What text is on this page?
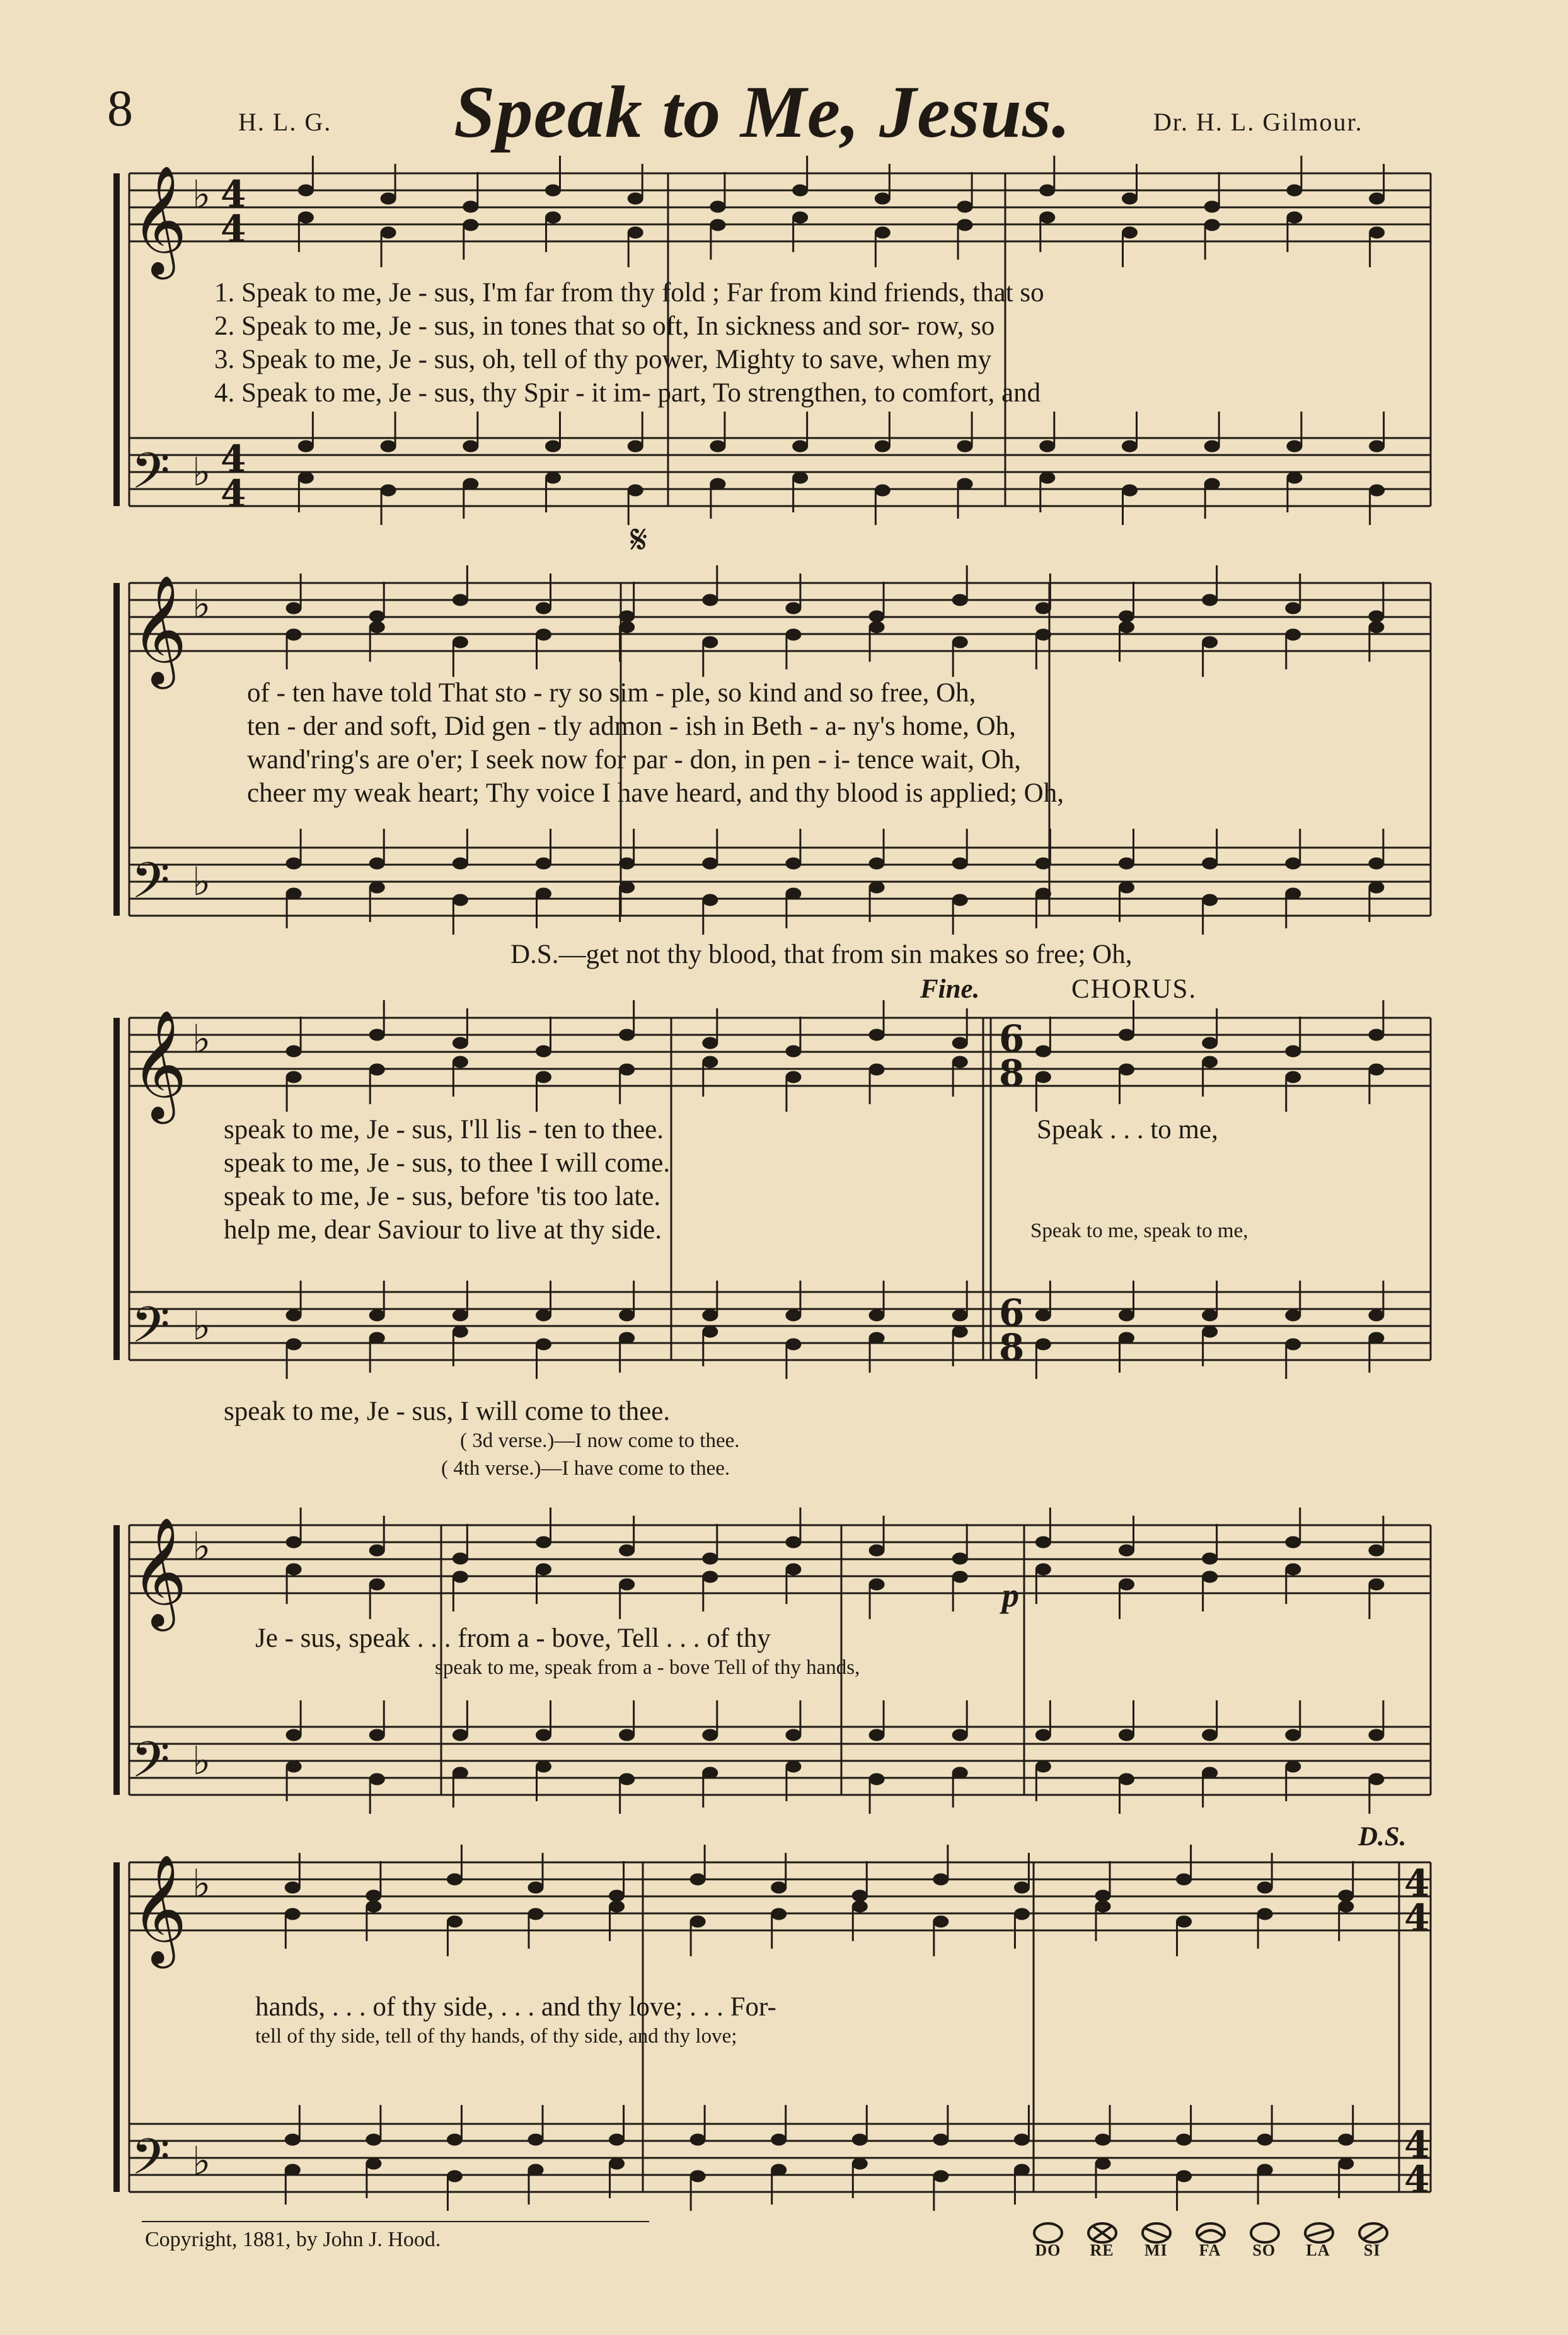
8	H. L. G. Speak to Me, Jesus.	Dr. H. L. Gilmour.
𝄞
𝄢
♭
♭
4
4
4
4
𝄞
𝄢
♭
♭
𝄞
𝄢
♭
♭
6
8
6
8
𝄞
𝄢
♭
♭
𝄞
𝄢
♭
♭
4
4
4
4
1. Speak to me, Je - sus, I'm far from thy fold ; Far from kind friends, that so
2. Speak to me, Je - sus, in tones that so oft, In sickness and sor- row, so
3. Speak to me, Je - sus, oh, tell of thy power, Mighty to save, when my
4. Speak to me, Je - sus, thy Spir - it im- part, To strengthen, to comfort, and
𝄋
of - ten have told That sto - ry so sim - ple, so kind and so free, Oh,
ten - der and soft, Did gen - tly admon - ish in Beth - a- ny's home, Oh,
wand'ring's are o'er; I seek now for par - don, in pen - i- tence wait, Oh,
cheer my weak heart; Thy voice I have heard, and thy blood is applied; Oh,
D.S.—get not thy blood, that from sin makes so free; Oh,
Fine.	CHORUS.
speak to me, Je - sus, I'll lis - ten to thee.
speak to me, Je - sus, to thee I will come.
speak to me, Je - sus, before 'tis too late.
help me, dear Saviour to live at thy side.
Speak . . . to me,
Speak to me, speak to me,
speak to me, Je - sus, I will come to thee.
( 3d verse.)—I now come to thee.
( 4th verse.)—I have come to thee.
p
Je - sus, speak . . . from a - bove, Tell . . . of thy
speak to me, speak from a - bove Tell of thy hands,
D.S.
hands, . . . of thy side, . . . and thy love; . . . For-
tell of thy side, tell of thy hands, of thy side, and thy love;
Copyright, 1881, by John J. Hood.	DO	RE	MI	FA	SO	LA	SI
